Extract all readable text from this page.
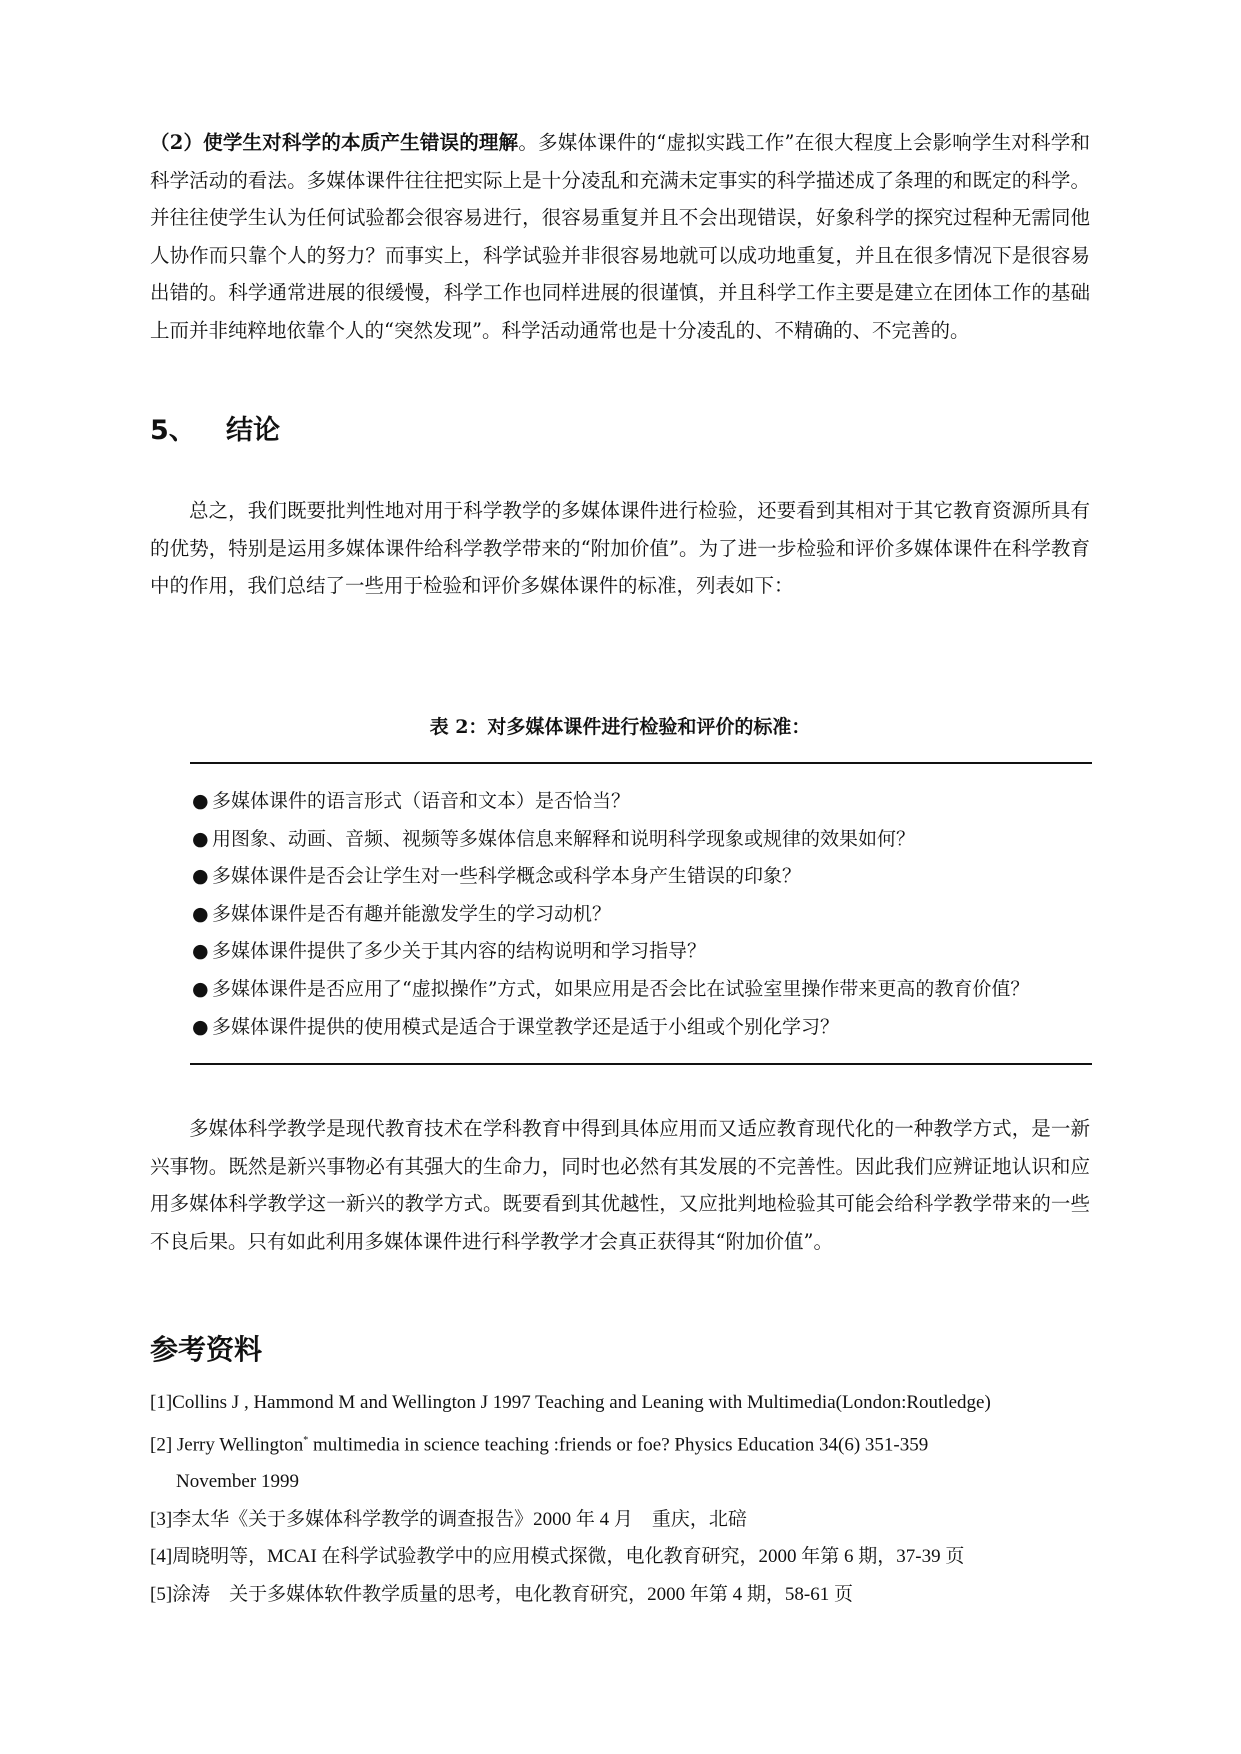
（2）使学生对科学的本质产生错误的理解。多媒体课件的“虚拟实践工作”在很大程度上会影响学生对科学和科学活动的看法。多媒体课件往往把实际上是十分凌乱和充满未定事实的科学描述成了条理的和既定的科学。并往往使学生认为任何试验都会很容易进行，很容易重复并且不会出现错误，好象科学的探究过程种无需同他人协作而只靠个人的努力？而事实上，科学试验并非很容易地就可以成功地重复，并且在很多情况下是很容易出错的。科学通常进展的很缓慢，科学工作也同样进展的很谨慎，并且科学工作主要是建立在团体工作的基础上而并非纯粹地依靠个人的“突然发现”。科学活动通常也是十分凌乱的、不精确的、不完善的。

5、 结论

总之，我们既要批判性地对用于科学教学的多媒体课件进行检验，还要看到其相对于其它教育资源所具有的优势，特别是运用多媒体课件给科学教学带来的“附加价值”。为了进一步检验和评价多媒体课件在科学教育中的作用，我们总结了一些用于检验和评价多媒体课件的标准，列表如下：

表 2：对多媒体课件进行检验和评价的标准：

● 多媒体课件的语言形式（语音和文本）是否恰当？
● 用图象、动画、音频、视频等多媒体信息来解释和说明科学现象或规律的效果如何？
● 多媒体课件是否会让学生对一些科学概念或科学本身产生错误的印象？
● 多媒体课件是否有趣并能激发学生的学习动机？
● 多媒体课件提供了多少关于其内容的结构说明和学习指导？
● 多媒体课件是否应用了“虚拟操作”方式，如果应用是否会比在试验室里操作带来更高的教育价值？
● 多媒体课件提供的使用模式是适合于课堂教学还是适于小组或个别化学习？

多媒体科学教学是现代教育技术在学科教育中得到具体应用而又适应教育现代化的一种教学方式，是一新兴事物。既然是新兴事物必有其强大的生命力，同时也必然有其发展的不完善性。因此我们应辨证地认识和应用多媒体科学教学这一新兴的教学方式。既要看到其优越性，又应批判地检验其可能会给科学教学带来的一些不良后果。只有如此利用多媒体课件进行科学教学才会真正获得其“附加价值”。

参考资料
[1]Collins J , Hammond M and Wellington J 1997 Teaching and Leaning with Multimedia(London:Routledge)
[2] Jerry Wellington* multimedia in science teaching :friends or foe? Physics Education 34(6) 351-359
November 1999
[3]李太华《关于多媒体科学教学的调查报告》2000 年 4 月　重庆，北碚
[4]周晓明等，MCAI 在科学试验教学中的应用模式探微，电化教育研究，2000 年第 6 期，37-39 页
[5]涂涛　关于多媒体软件教学质量的思考，电化教育研究，2000 年第 4 期，58-61 页
